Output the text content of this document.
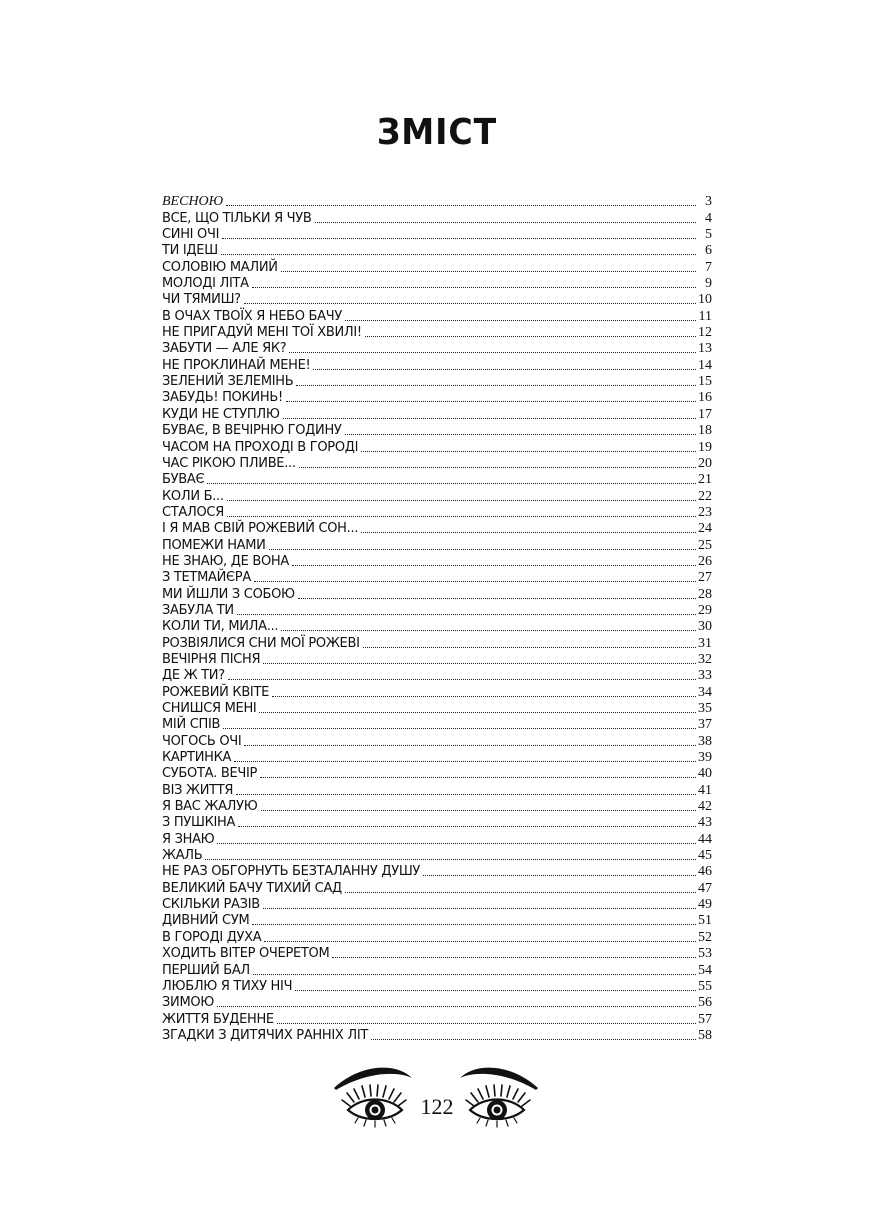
ЗМІСТ
ВЕСНОЮ	3
ВСЕ, ЩО ТІЛЬКИ Я ЧУВ	4
СИНІ ОЧІ	5
ТИ ІДЕШ	6
СОЛОВІЮ МАЛИЙ	7
МОЛОДІ ЛІТА	9
ЧИ ТЯМИШ?	10
В ОЧАХ ТВОЇХ Я НЕБО БАЧУ	11
НЕ ПРИГАДУЙ МЕНІ ТОЇ ХВИЛІ!	12
ЗАБУТИ — АЛЕ ЯК?	13
НЕ ПРОКЛИНАЙ МЕНЕ!	14
ЗЕЛЕНИЙ ЗЕЛЕМІНЬ	15
ЗАБУДЬ! ПОКИНЬ!	16
КУДИ НЕ СТУПЛЮ	17
БУВАЄ, В ВЕЧІРНЮ ГОДИНУ	18
ЧАСОМ НА ПРОХОДІ В ГОРОДІ	19
ЧАС РІКОЮ ПЛИВЕ...	20
БУВАЄ	21
КОЛИ Б...	22
СТАЛОСЯ	23
І Я МАВ СВІЙ РОЖЕВИЙ СОН...	24
ПОМЕЖИ НАМИ	25
НЕ ЗНАЮ, ДЕ ВОНА	26
З ТЕТМАЙЄРА	27
МИ ЙШЛИ З СОБОЮ	28
ЗАБУЛА ТИ	29
КОЛИ ТИ, МИЛА...	30
РОЗВІЯЛИСЯ СНИ МОЇ РОЖЕВІ	31
ВЕЧІРНЯ ПІСНЯ	32
ДЕ Ж ТИ?	33
РОЖЕВИЙ КВІТЕ	34
СНИШСЯ МЕНІ	35
МІЙ СПІВ	37
ЧОГОСЬ ОЧІ	38
КАРТИНКА	39
СУБОТА. ВЕЧІР	40
ВІЗ ЖИТТЯ	41
Я ВАС ЖАЛУЮ	42
З ПУШКІНА	43
Я ЗНАЮ	44
ЖАЛЬ	45
НЕ РАЗ ОБГОРНУТЬ БЕЗТАЛАННУ ДУШУ	46
ВЕЛИКИЙ БАЧУ ТИХИЙ САД	47
СКІЛЬКИ РАЗІВ	49
ДИВНИЙ СУМ	51
В ГОРОДІ ДУХА	52
ХОДИТЬ ВІТЕР ОЧЕРЕТОМ	53
ПЕРШИЙ БАЛ	54
ЛЮБЛЮ Я ТИХУ НІЧ	55
ЗИМОЮ	56
ЖИТТЯ БУДЕННЕ	57
ЗГАДКИ З ДИТЯЧИХ РАННІХ ЛІТ	58
122
